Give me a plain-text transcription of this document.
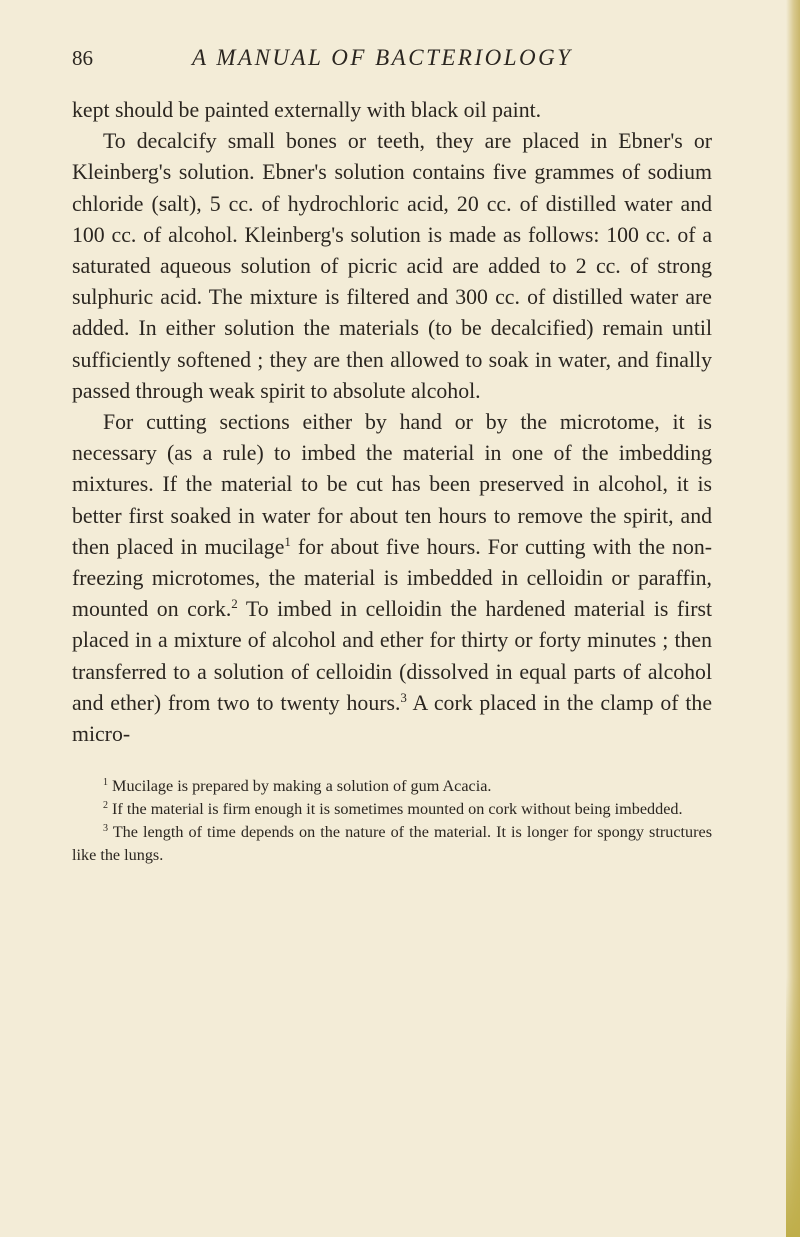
86	A MANUAL OF BACTERIOLOGY

kept should be painted externally with black oil paint.

To decalcify small bones or teeth, they are placed in Ebner's or Kleinberg's solution. Ebner's solution contains five grammes of sodium chloride (salt), 5 cc. of hydrochloric acid, 20 cc. of distilled water and 100 cc. of alcohol. Kleinberg's solution is made as follows: 100 cc. of a saturated aqueous solution of picric acid are added to 2 cc. of strong sulphuric acid. The mixture is filtered and 300 cc. of distilled water are added. In either solution the materials (to be decalcified) remain until sufficiently softened ; they are then allowed to soak in water, and finally passed through weak spirit to absolute alcohol.

For cutting sections either by hand or by the microtome, it is necessary (as a rule) to imbed the material in one of the imbedding mixtures. If the material to be cut has been preserved in alcohol, it is better first soaked in water for about ten hours to remove the spirit, and then placed in mucilage$^1$ for about five hours. For cutting with the non-freezing microtomes, the material is imbedded in celloidin or paraffin, mounted on cork.$^2$ To imbed in celloidin the hardened material is first placed in a mixture of alcohol and ether for thirty or forty minutes ; then transferred to a solution of celloidin (dissolved in equal parts of alcohol and ether) from two to twenty hours.$^3$ A cork placed in the clamp of the micro-

$^1$ Mucilage is prepared by making a solution of gum Acacia.

$^2$ If the material is firm enough it is sometimes mounted on cork without being imbedded.

$^3$ The length of time depends on the nature of the material. It is longer for spongy structures like the lungs.
